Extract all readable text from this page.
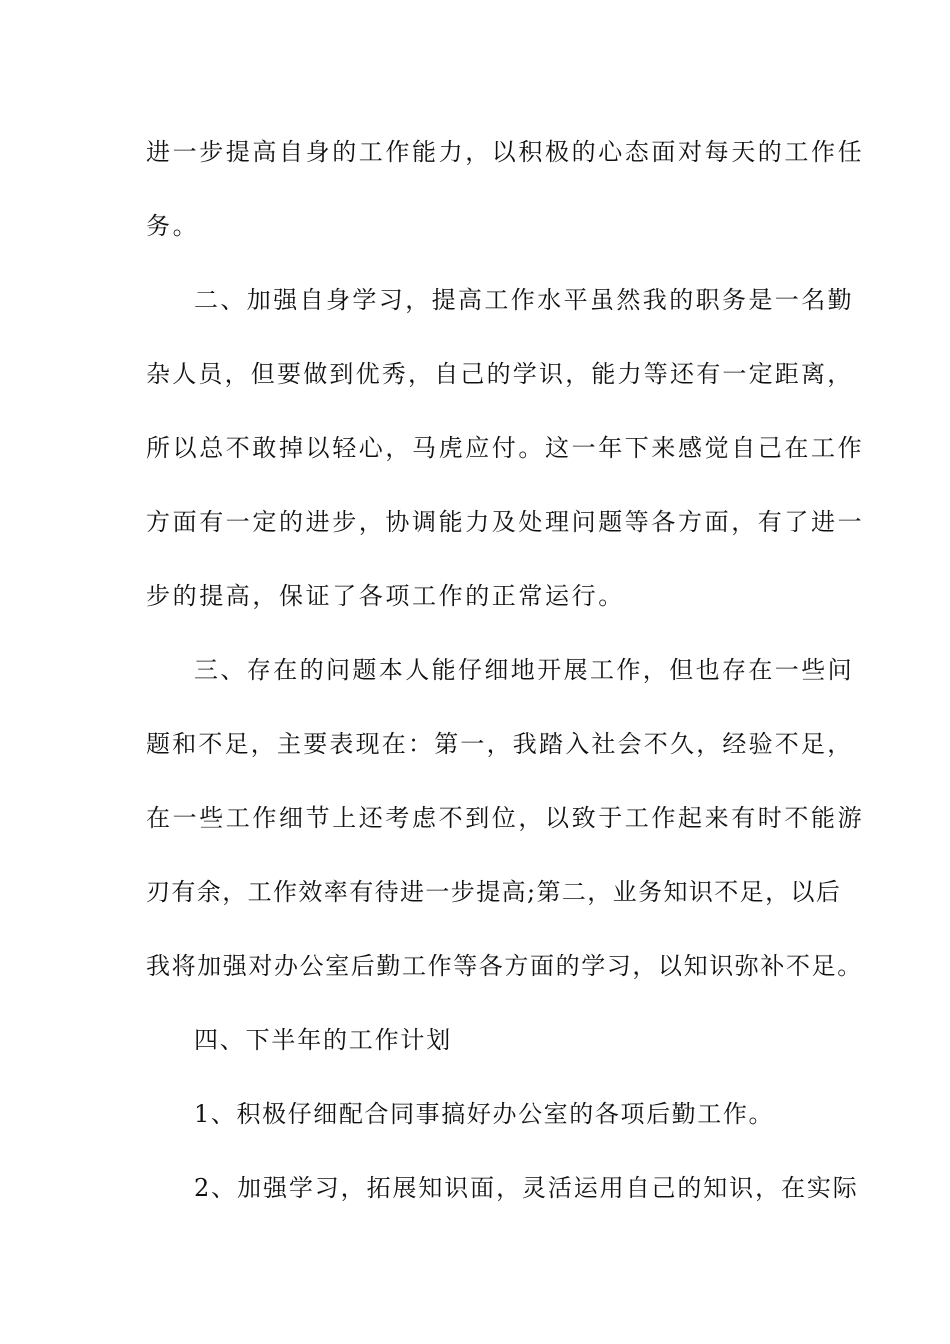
进一步提高自身的工作能力，以积极的心态面对每天的工作任
务。
二、加强自身学习，提高工作水平虽然我的职务是一名勤
杂人员，但要做到优秀，自己的学识，能力等还有一定距离，
所以总不敢掉以轻心，马虎应付。这一年下来感觉自己在工作
方面有一定的进步，协调能力及处理问题等各方面，有了进一
步的提高，保证了各项工作的正常运行。
三、存在的问题本人能仔细地开展工作，但也存在一些问
题和不足，主要表现在：第一，我踏入社会不久，经验不足，
在一些工作细节上还考虑不到位，以致于工作起来有时不能游
刃有余，工作效率有待进一步提高;第二，业务知识不足，以后
我将加强对办公室后勤工作等各方面的学习，以知识弥补不足。
四、下半年的工作计划
1、积极仔细配合同事搞好办公室的各项后勤工作。
2、加强学习，拓展知识面，灵活运用自己的知识，在实际
